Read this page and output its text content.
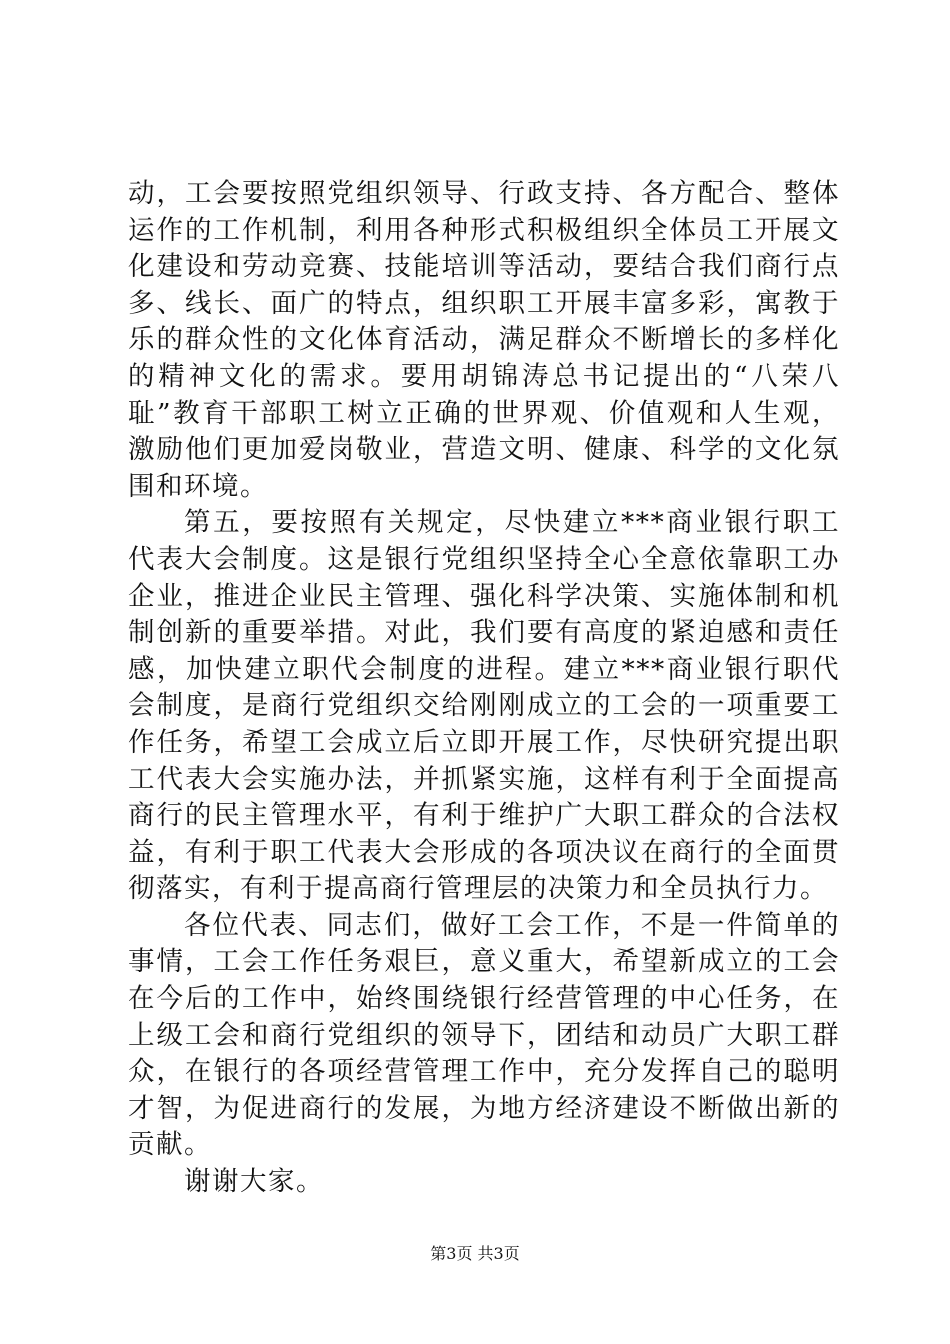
动，工会要按照党组织领导、行政支持、各方配合、整体运作的工作机制，利用各种形式积极组织全体员工开展文化建设和劳动竞赛、技能培训等活动，要结合我们商行点多、线长、面广的特点，组织职工开展丰富多彩，寓教于乐的群众性的文化体育活动，满足群众不断增长的多样化的精神文化的需求。要用胡锦涛总书记提出的“八荣八耻”教育干部职工树立正确的世界观、价值观和人生观，激励他们更加爱岗敬业，营造文明、健康、科学的文化氛围和环境。

第五，要按照有关规定，尽快建立***商业银行职工代表大会制度。这是银行党组织坚持全心全意依靠职工办企业，推进企业民主管理、强化科学决策、实施体制和机制创新的重要举措。对此，我们要有高度的紧迫感和责任感，加快建立职代会制度的进程。建立***商业银行职代会制度，是商行党组织交给刚刚成立的工会的一项重要工作任务，希望工会成立后立即开展工作，尽快研究提出职工代表大会实施办法，并抓紧实施，这样有利于全面提高商行的民主管理水平，有利于维护广大职工群众的合法权益，有利于职工代表大会形成的各项决议在商行的全面贯彻落实，有利于提高商行管理层的决策力和全员执行力。

各位代表、同志们，做好工会工作，不是一件简单的事情，工会工作任务艰巨，意义重大，希望新成立的工会在今后的工作中，始终围绕银行经营管理的中心任务，在上级工会和商行党组织的领导下，团结和动员广大职工群众，在银行的各项经营管理工作中，充分发挥自己的聪明才智，为促进商行的发展，为地方经济建设不断做出新的贡献。

谢谢大家。

第3页 共3页
